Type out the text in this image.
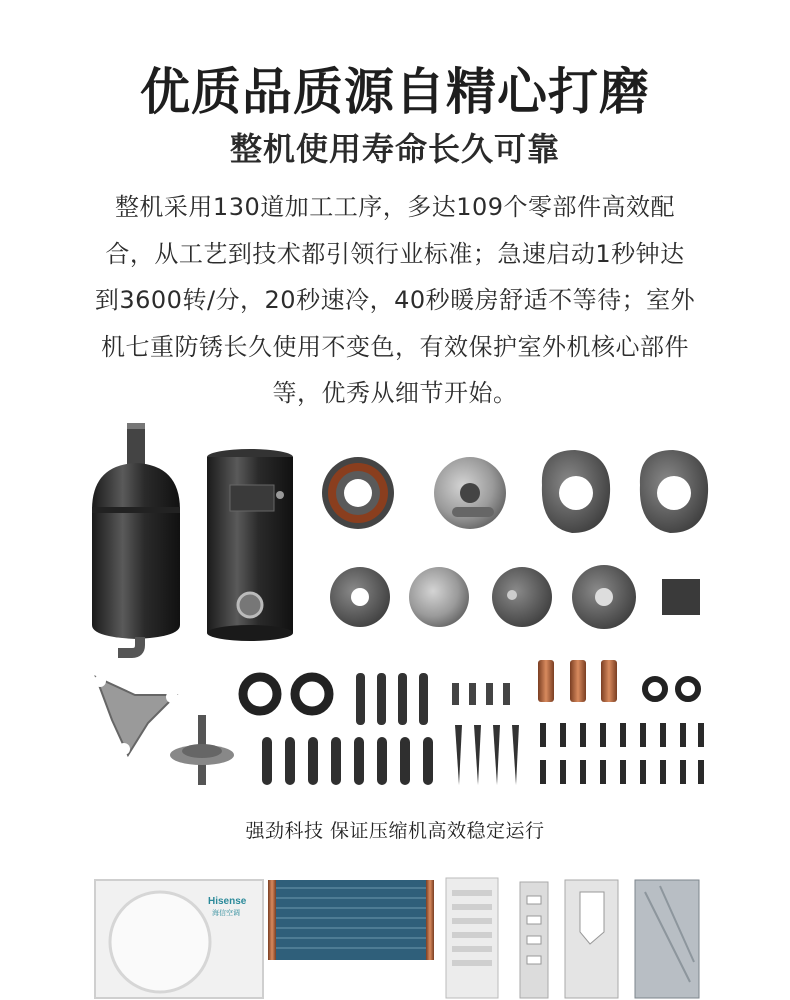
优质品质源自精心打磨
整机使用寿命长久可靠
整机采用130道加工工序，多达109个零部件高效配
合，从工艺到技术都引领行业标准；急速启动1秒钟达
到3600转/分，20秒速冷，40秒暖房舒适不等待；室外
机七重防锈长久使用不变色，有效保护室外机核心部件
等，优秀从细节开始。
强劲科技 保证压缩机高效稳定运行
Hisense
海信空调
